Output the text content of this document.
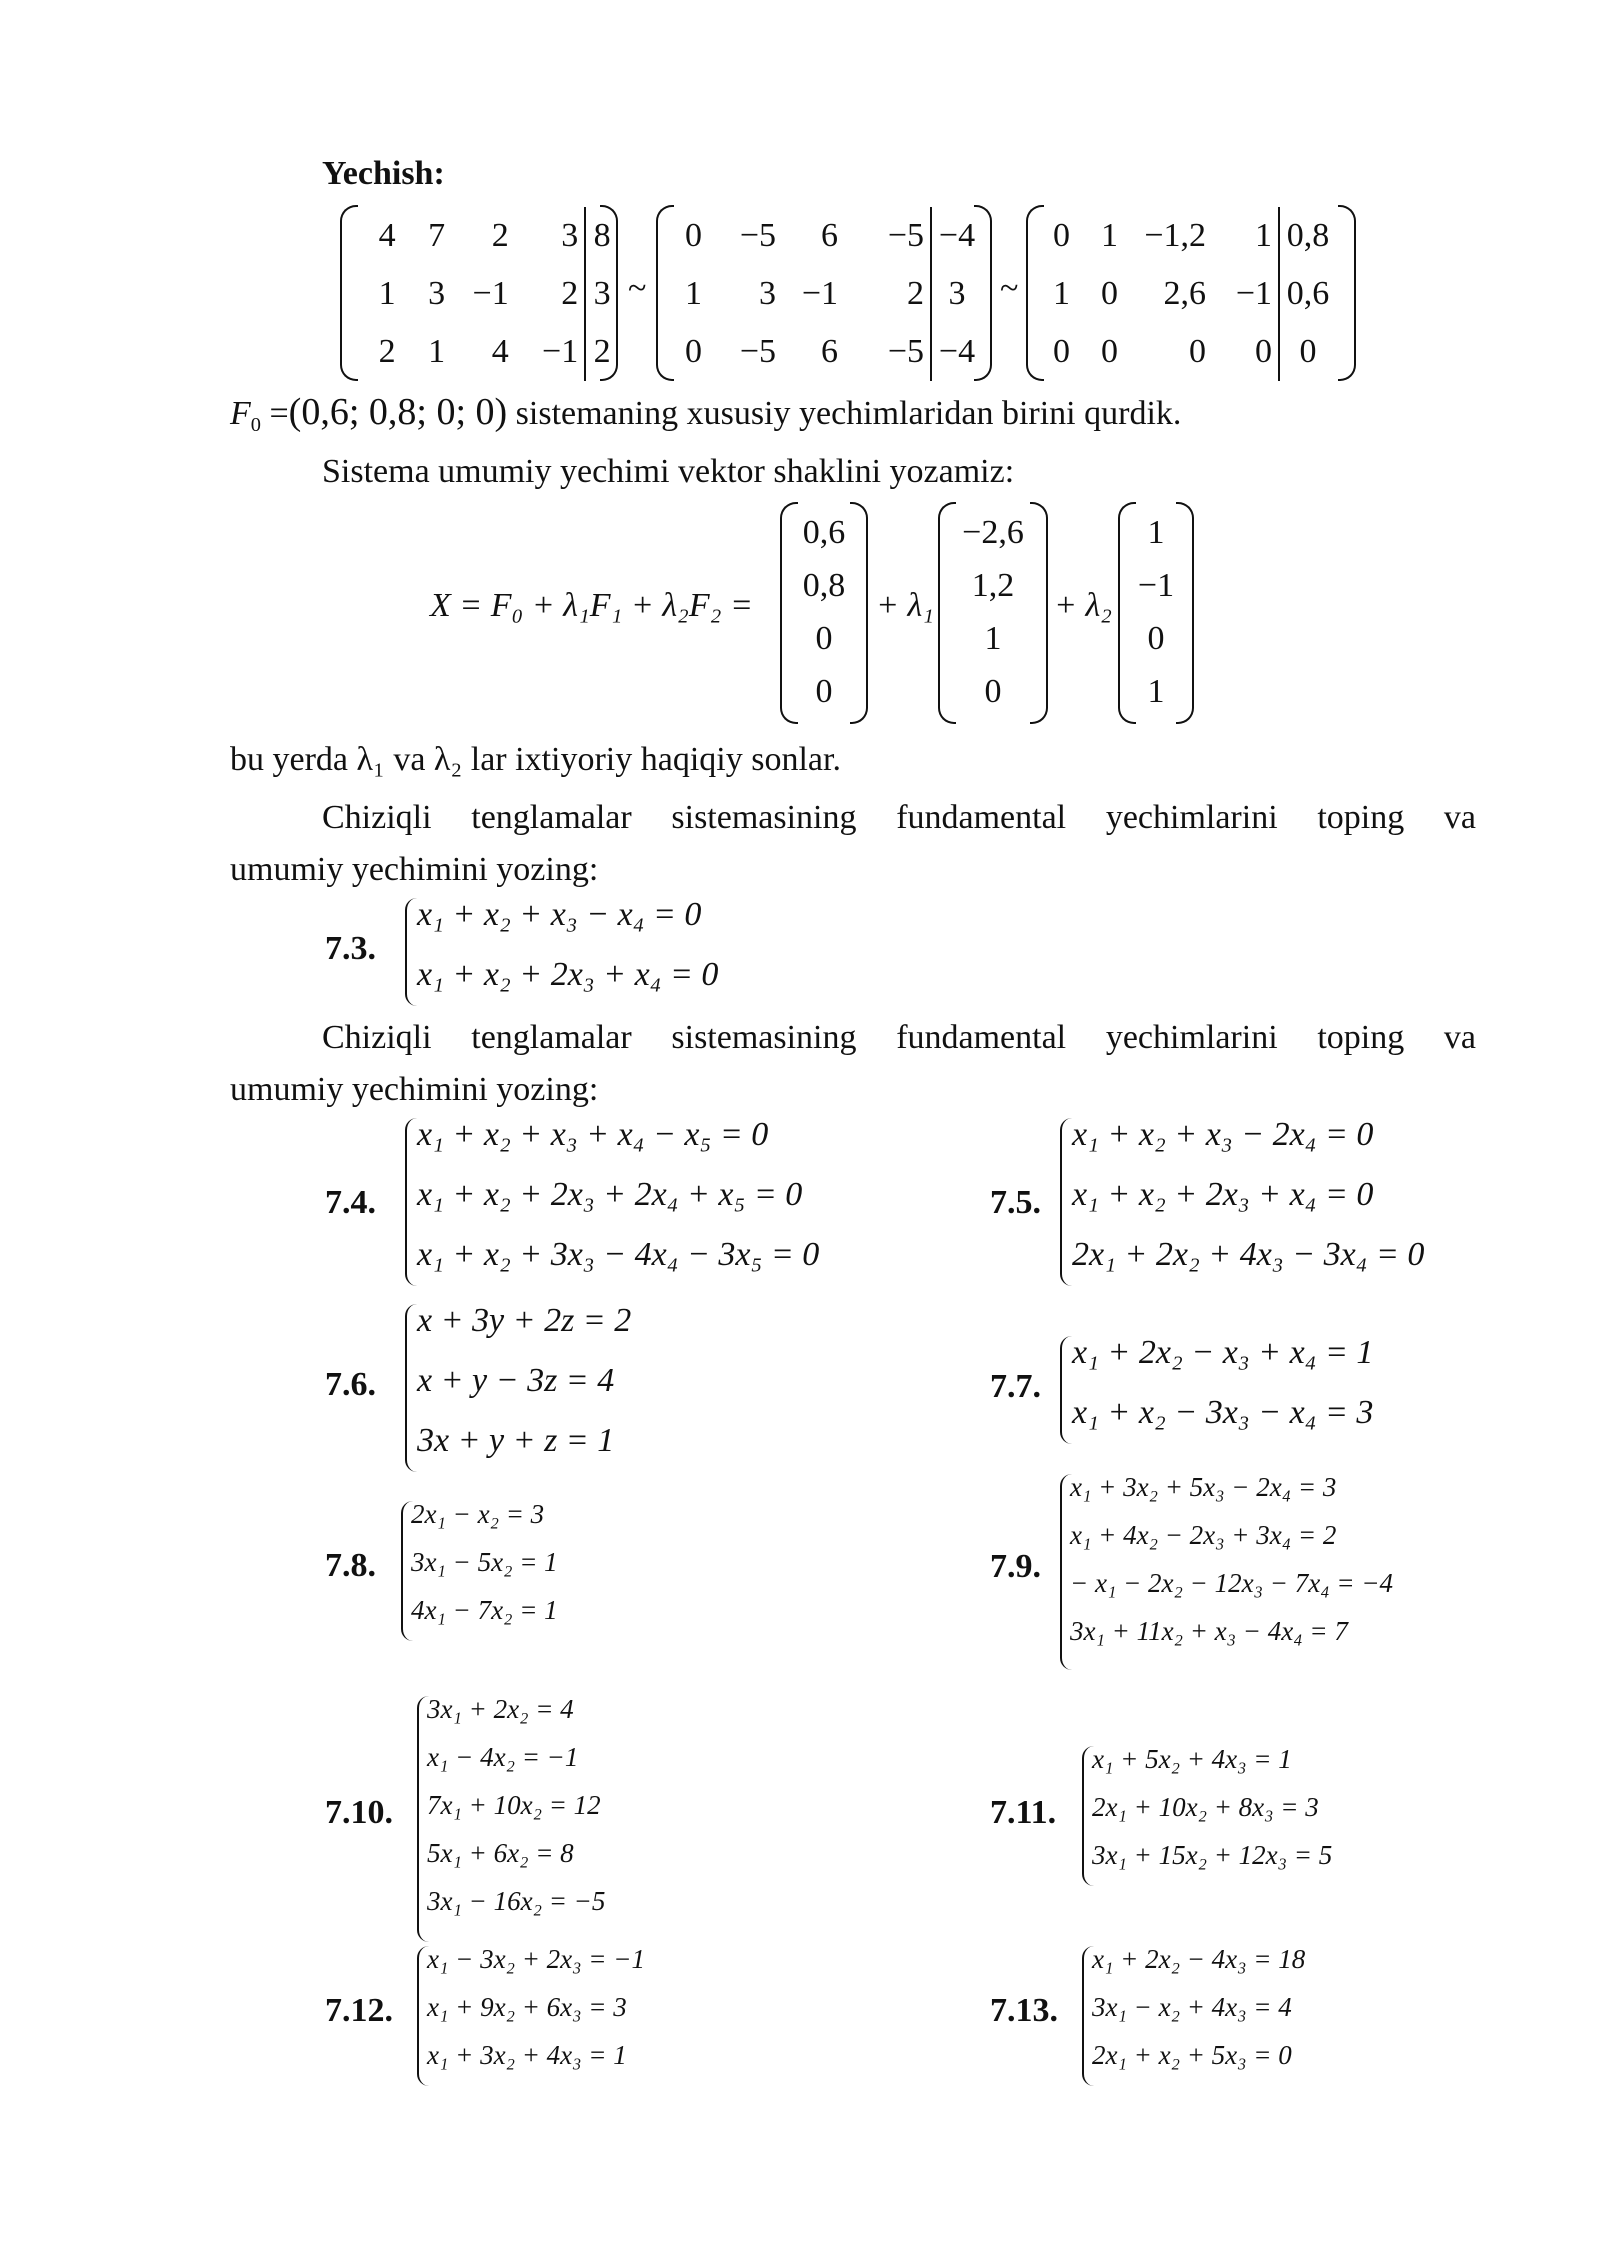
Yechish:
4	7	2	3	8
1	3	−1	2	3
2	1	4	−1	2
~
0	−5	6	−5	−4
1	3	−1	2	3
0	−5	6	−5	−4
~
0	1	−1,2	1	0,8
1	0	2,6	−1	0,6
0	0	0	0	0
$F_0 =(0,6$; 0,8; 0; 0) sistemaning xususiy yechimlaridan birini qurdik.
Sistema umumiy yechimi vektor shaklini yozamiz:
X = F₀ + λ₁F₁ + λ₂F₂ =
0,6
0,8
0
0
+ λ₁
−2,6
1,2
1
0
+ λ₂
1
−1
0
1
bu yerda λ₁ va λ₂ lar ixtiyoriy haqiqiy sonlar.
Chiziqli tenglamalar sistemasining fundamental yechimlarini toping va
umumiy yechimini yozing:
7.3.
x₁ + x₂ + x₃ − x₄ = 0
x₁ + x₂ + 2x₃ + x₄ = 0
Chiziqli tenglamalar sistemasining fundamental yechimlarini toping va
umumiy yechimini yozing:
7.4.
x₁ + x₂ + x₃ + x₄ − x₅ = 0
x₁ + x₂ + 2x₃ + 2x₄ + x₅ = 0
x₁ + x₂ + 3x₃ − 4x₄ − 3x₅ = 0
7.5.
x₁ + x₂ + x₃ − 2x₄ = 0
x₁ + x₂ + 2x₃ + x₄ = 0
2x₁ + 2x₂ + 4x₃ − 3x₄ = 0
7.6.
x + 3y + 2z = 2
x + y − 3z = 4
3x + y + z = 1
7.7.
x₁ + 2x₂ − x₃ + x₄ = 1
x₁ + x₂ − 3x₃ − x₄ = 3
7.8.
2x₁ − x₂ = 3
3x₁ − 5x₂ = 1
4x₁ − 7x₂ = 1
7.9.
x₁ + 3x₂ + 5x₃ − 2x₄ = 3
x₁ + 4x₂ − 2x₃ + 3x₄ = 2
− x₁ − 2x₂ − 12x₃ − 7x₄ = −4
3x₁ + 11x₂ + x₃ − 4x₄ = 7
7.10.
3x₁ + 2x₂ = 4
x₁ − 4x₂ = −1
7x₁ + 10x₂ = 12
5x₁ + 6x₂ = 8
3x₁ − 16x₂ = −5
7.11.
x₁ + 5x₂ + 4x₃ = 1
2x₁ + 10x₂ + 8x₃ = 3
3x₁ + 15x₂ + 12x₃ = 5
7.12.
x₁ − 3x₂ + 2x₃ = −1
x₁ + 9x₂ + 6x₃ = 3
x₁ + 3x₂ + 4x₃ = 1
7.13.
x₁ + 2x₂ − 4x₃ = 18
3x₁ − x₂ + 4x₃ = 4
2x₁ + x₂ + 5x₃ = 0
